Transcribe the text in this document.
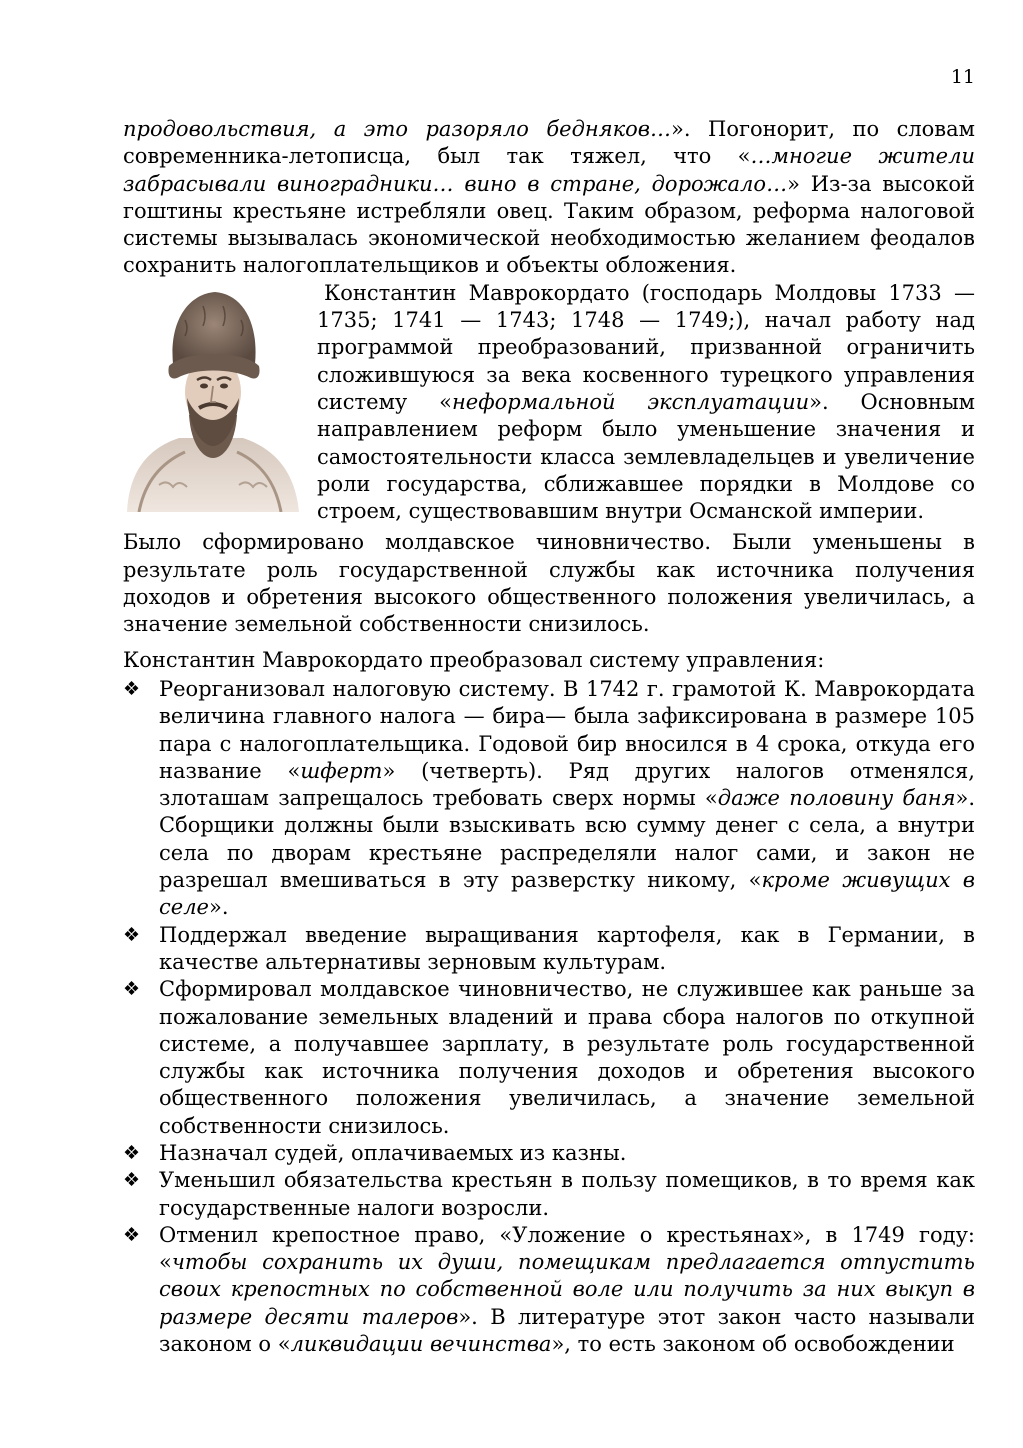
11

продовольствия, а это разоряло бедняков…». Погонорит, по словам современника-летописца, был так тяжел, что «…многие жители забрасывали виноградники… вино в стране, дорожало…» Из-за высокой гоштины крестьяне истребляли овец. Таким образом, реформа налоговой системы вызывалась экономической необходимостью желанием феодалов сохранить налогоплательщиков и объекты обложения.

Константин Маврокордато (господарь Молдовы 1733 — 1735; 1741 — 1743; 1748 — 1749;), начал работу над программой преобразований, призванной ограничить сложившуюся за века косвенного турецкого управления систему «неформальной эксплуатации». Основным направлением реформ было уменьшение значения и самостоятельности класса землевладельцев и увеличение роли государства, сближавшее порядки в Молдове со строем, существовавшим внутри Османской империи.

Было сформировано молдавское чиновничество. Были уменьшены в результате роль государственной службы как источника получения доходов и обретения высокого общественного положения увеличилась, а значение земельной собственности снизилось.

Константин Маврокордато преобразовал систему управления:

❖ Реорганизовал налоговую систему. В 1742 г. грамотой К. Маврокордата величина главного налога — бира— была зафиксирована в размере 105 пара с налогоплательщика. Годовой бир вносился в 4 срока, откуда его название «шферт» (четверть). Ряд других налогов отменялся, злоташам запрещалось требовать сверх нормы «даже половину баня». Сборщики должны были взыскивать всю сумму денег с села, а внутри села по дворам крестьяне распределяли налог сами, и закон не разрешал вмешиваться в эту разверстку никому, «кроме живущих в селе».
❖ Поддержал введение выращивания картофеля, как в Германии, в качестве альтернативы зерновым культурам.
❖ Сформировал молдавское чиновничество, не служившее как раньше за пожалование земельных владений и права сбора налогов по откупной системе, а получавшее зарплату, в результате роль государственной службы как источника получения доходов и обретения высокого общественного положения увеличилась, а значение земельной собственности снизилось.
❖ Назначал судей, оплачиваемых из казны.
❖ Уменьшил обязательства крестьян в пользу помещиков, в то время как государственные налоги возросли.
❖ Отменил крепостное право, «Уложение о крестьянах», в 1749 году: «чтобы сохранить их души, помещикам предлагается отпустить своих крепостных по собственной воле или получить за них выкуп в размере десяти талеров». В литературе этот закон часто называли законом о «ликвидации вечинства», то есть законом об освобождении
